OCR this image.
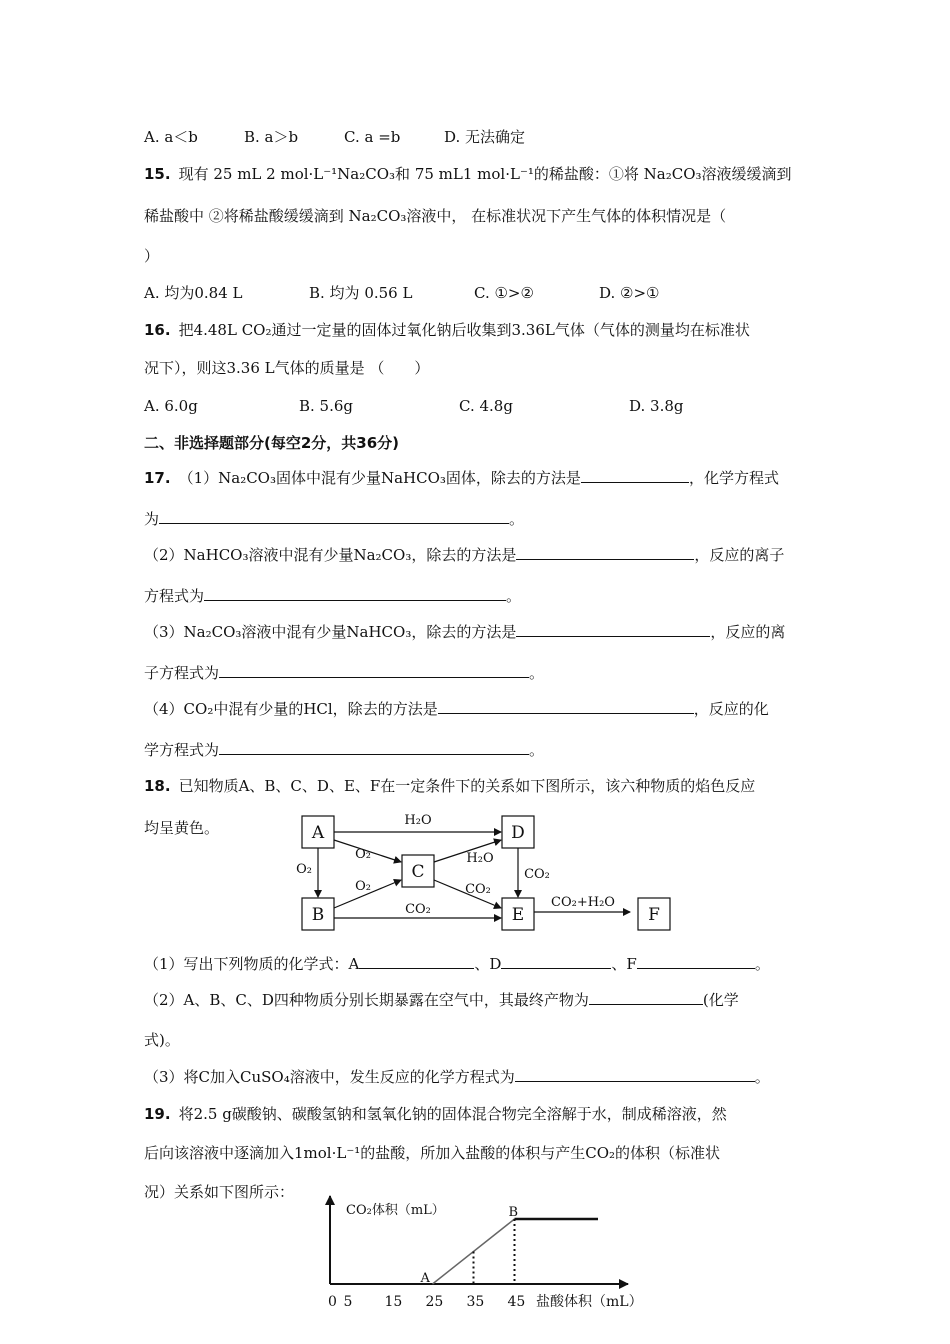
A. a＜b	B. a＞b	C. a =b	D. 无法确定
15. 现有 25 mL 2 mol·L⁻¹Na₂CO₃和 75 mL1 mol·L⁻¹的稀盐酸：①将 Na₂CO₃溶液缓缓滴到
稀盐酸中 ②将稀盐酸缓缓滴到 Na₂CO₃溶液中， 在标准状况下产生气体的体积情况是（
）
A. 均为0.84 L	B. 均为 0.56 L	C. ①>②	D. ②>①
16. 把4.48L CO₂通过一定量的固体过氧化钠后收集到3.36L气体（气体的测量均在标准状
况下），则这3.36 L气体的质量是 （　　）
A. 6.0g	B. 5.6g	C. 4.8g	D. 3.8g
二、非选择题部分(每空2分，共36分)
17. （1）Na₂CO₃固体中混有少量NaHCO₃固体，除去的方法是	，化学方程式
为	。
（2）NaHCO₃溶液中混有少量Na₂CO₃，除去的方法是	，反应的离子
方程式为	。
（3）Na₂CO₃溶液中混有少量NaHCO₃，除去的方法是	，反应的离
子方程式为	。
（4）CO₂中混有少量的HCl，除去的方法是	，反应的化
学方程式为	。
18. 已知物质A、B、C、D、E、F在一定条件下的关系如下图所示，该六种物质的焰色反应
均呈黄色。	A
B
C
D
E	F
H₂O
O₂
O₂
O₂
CO₂
H₂O
CO₂
CO₂
CO₂+H₂O
（1）写出下列物质的化学式：A	、D	、F	。
（2）A、B、C、D四种物质分别长期暴露在空气中，其最终产物为	(化学
式)。
（3）将C加入CuSO₄溶液中，发生反应的化学方程式为	。
19. 将2.5 g碳酸钠、碳酸氢钠和氢氧化钠的固体混合物完全溶解于水，制成稀溶液，然
后向该溶液中逐滴加入1mol·L⁻¹的盐酸，所加入盐酸的体积与产生CO₂的体积（标准状
况）关系如下图所示：
CO₂体积（mL）
盐酸体积（mL）
0 5 15 25 35 45
A
B
